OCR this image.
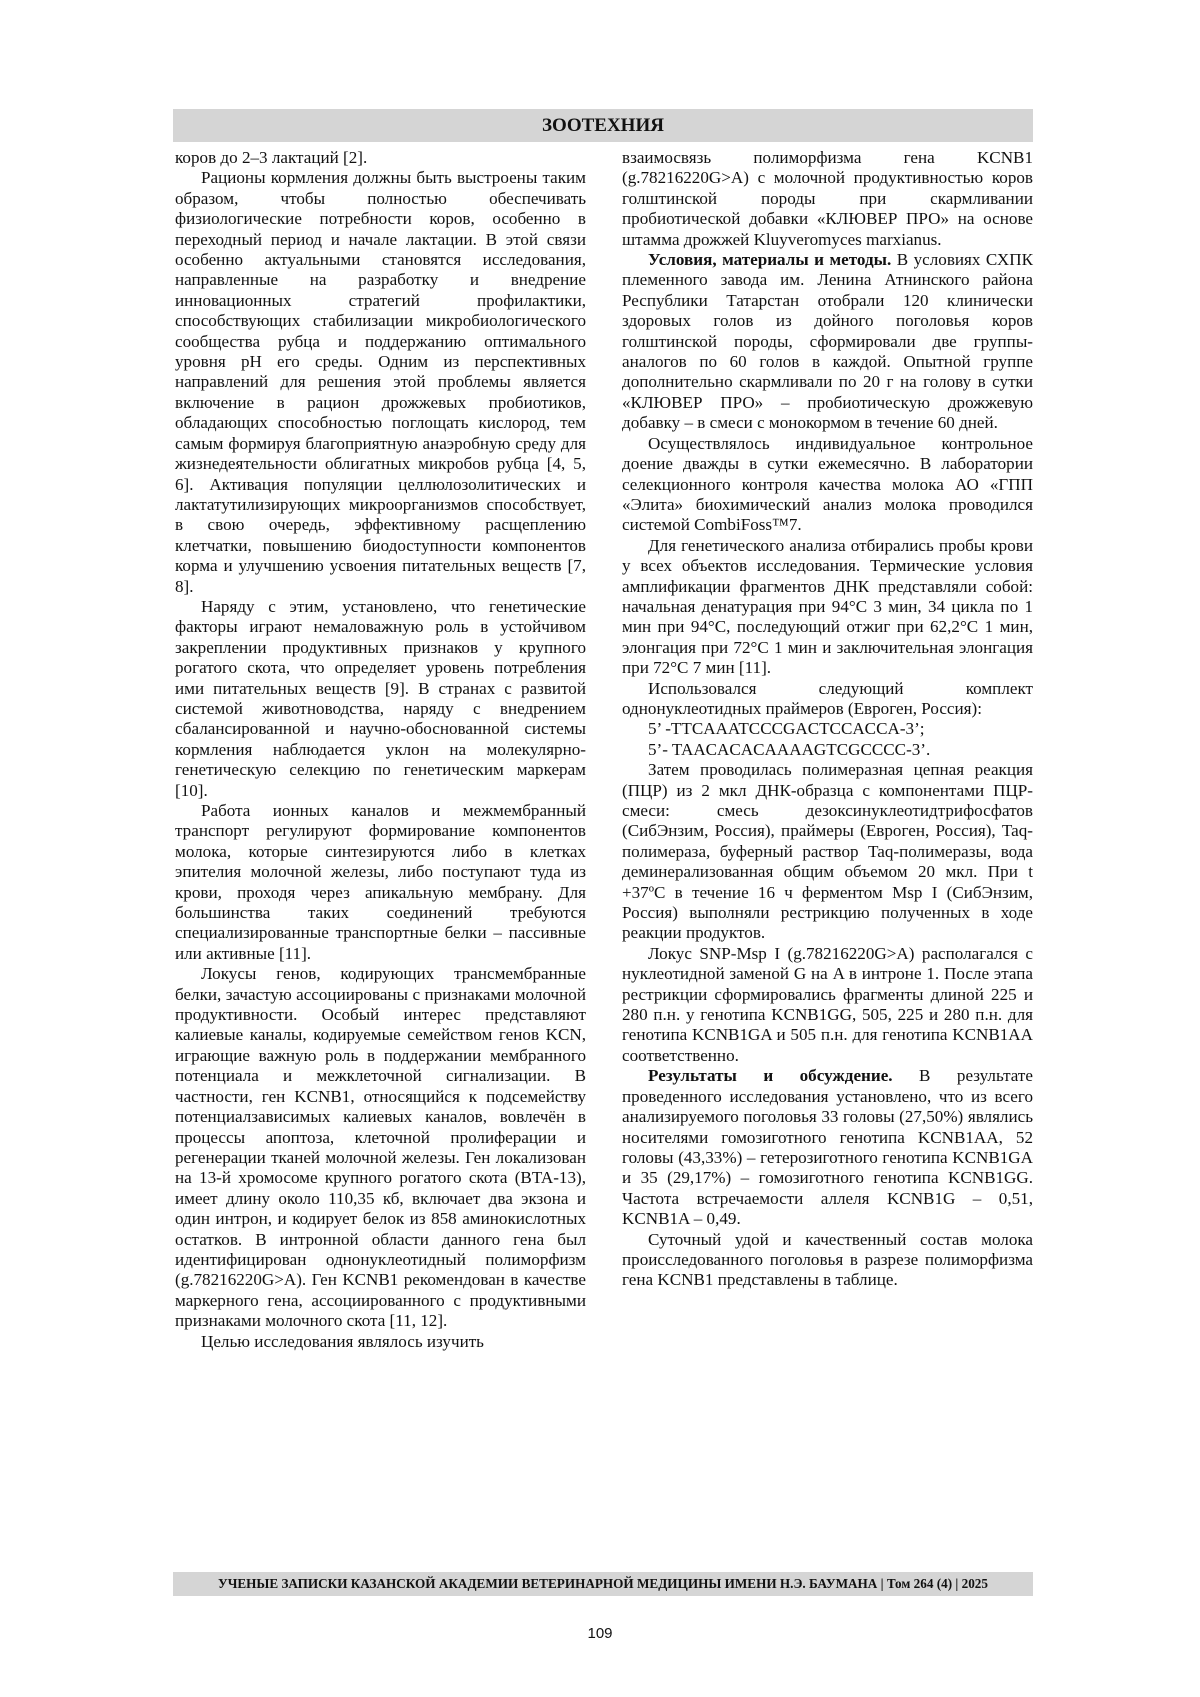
ЗООТЕХНИЯ

коров до 2–3 лактаций [2].

Рационы кормления должны быть выстроены таким образом, чтобы полностью обеспечивать физиологические потребности коров, особенно в переходный период и начале лактации. В этой связи особенно актуальными становятся исследования, направленные на разработку и внедрение инновационных стратегий профилактики, способствующих стабилизации микробиологического сообщества рубца и поддержанию оптимального уровня pH его среды. Одним из перспективных направлений для решения этой проблемы является включение в рацион дрожжевых пробиотиков, обладающих способностью поглощать кислород, тем самым формируя благоприятную анаэробную среду для жизнедеятельности облигатных микробов рубца [4, 5, 6]. Активация популяции целлюлозолитических и лактатутилизирующих микроорганизмов способствует, в свою очередь, эффективному расщеплению клетчатки, повышению биодоступности компонентов корма и улучшению усвоения питательных веществ [7, 8].

Наряду с этим, установлено, что генетические факторы играют немаловажную роль в устойчивом закреплении продуктивных признаков у крупного рогатого скота, что определяет уровень потребления ими питательных веществ [9]. В странах с развитой системой животноводства, наряду с внедрением сбалансированной и научно-обоснованной системы кормления наблюдается уклон на молекулярно-генетическую селекцию по генетическим маркерам [10].

Работа ионных каналов и межмембранный транспорт регулируют формирование компонентов молока, которые синтезируются либо в клетках эпителия молочной железы, либо поступают туда из крови, проходя через апикальную мембрану. Для большинства таких соединений требуются специализированные транспортные белки – пассивные или активные [11].

Локусы генов, кодирующих трансмембранные белки, зачастую ассоциированы с признаками молочной продуктивности. Особый интерес представляют калиевые каналы, кодируемые семейством генов KCN, играющие важную роль в поддержании мембранного потенциала и межклеточной сигнализации. В частности, ген KCNB1, относящийся к подсемейству потенциалзависимых калиевых каналов, вовлечён в процессы апоптоза, клеточной пролиферации и регенерации тканей молочной железы. Ген локализован на 13-й хромосоме крупного рогатого скота (BTA-13), имеет длину около 110,35 кб, включает два экзона и один интрон, и кодирует белок из 858 аминокислотных остатков. В интронной области данного гена был идентифицирован однонуклеотидный полиморфизм (g.78216220G>A). Ген KCNB1 рекомендован в качестве маркерного гена, ассоциированного с продуктивными признаками молочного скота [11, 12].

Целью исследования являлось изучить

взаимосвязь полиморфизма гена KCNB1 (g.78216220G>A) с молочной продуктивностью коров голштинской породы при скармливании пробиотической добавки «КЛЮВЕР ПРО» на основе штамма дрожжей Kluyveromyces marxianus.

Условия, материалы и методы. В условиях СХПК племенного завода им. Ленина Атнинского района Республики Татарстан отобрали 120 клинически здоровых голов из дойного поголовья коров голштинской породы, сформировали две группы-аналогов по 60 голов в каждой. Опытной группе дополнительно скармливали по 20 г на голову в сутки «КЛЮВЕР ПРО» – пробиотическую дрожжевую добавку – в смеси с монокормом в течение 60 дней.

Осуществлялось индивидуальное контрольное доение дважды в сутки ежемесячно. В лаборатории селекционного контроля качества молока АО «ГПП «Элита» биохимический анализ молока проводился системой CombiFoss™7.

Для генетического анализа отбирались пробы крови у всех объектов исследования. Термические условия амплификации фрагментов ДНК представляли собой: начальная денатурация при 94°С 3 мин, 34 цикла по 1 мин при 94°С, последующий отжиг при 62,2°С 1 мин, элонгация при 72°С 1 мин и заключительная элонгация при 72°С 7 мин [11].

Использовался следующий комплект однонуклеотидных праймеров (Евроген, Россия):

5’ -TTCAAATCCCGACTCCACCA-3’;

5’- TAACACACAAAAGTCGCCCC-3’.

Затем проводилась полимеразная цепная реакция (ПЦР) из 2 мкл ДНК-образца с компонентами ПЦР-смеси: смесь дезоксинуклеотидтрифосфатов (СибЭнзим, Россия), праймеры (Евроген, Россия), Taq-полимераза, буферный раствор Taq-полимеразы, вода деминерализованная общим объемом 20 мкл. При t +37ºС в течение 16 ч ферментом Msp I (СибЭнзим, Россия) выполняли рестрикцию полученных в ходе реакции продуктов.

Локус SNP-Msp I (g.78216220G>A) располагался с нуклеотидной заменой G на A в интроне 1. После этапа рестрикции сформировались фрагменты длиной 225 и 280 п.н. у генотипа KCNB1GG, 505, 225 и 280 п.н. для генотипа KCNB1GA и 505 п.н. для генотипа KCNB1AA соответственно.

Результаты и обсуждение. В результате проведенного исследования установлено, что из всего анализируемого поголовья 33 головы (27,50%) являлись носителями гомозиготного генотипа KCNB1AA, 52 головы (43,33%) – гетерозиготного генотипа KCNB1GA и 35 (29,17%) – гомозиготного генотипа KCNB1GG. Частота встречаемости аллеля KCNB1G – 0,51, KCNB1A – 0,49.

Суточный удой и качественный состав молока происследованного поголовья в разрезе полиморфизма гена KCNB1 представлены в таблице.

УЧЕНЫЕ ЗАПИСКИ КАЗАНСКОЙ АКАДЕМИИ ВЕТЕРИНАРНОЙ МЕДИЦИНЫ ИМЕНИ Н.Э. БАУМАНА | Том 264 (4) | 2025
109
